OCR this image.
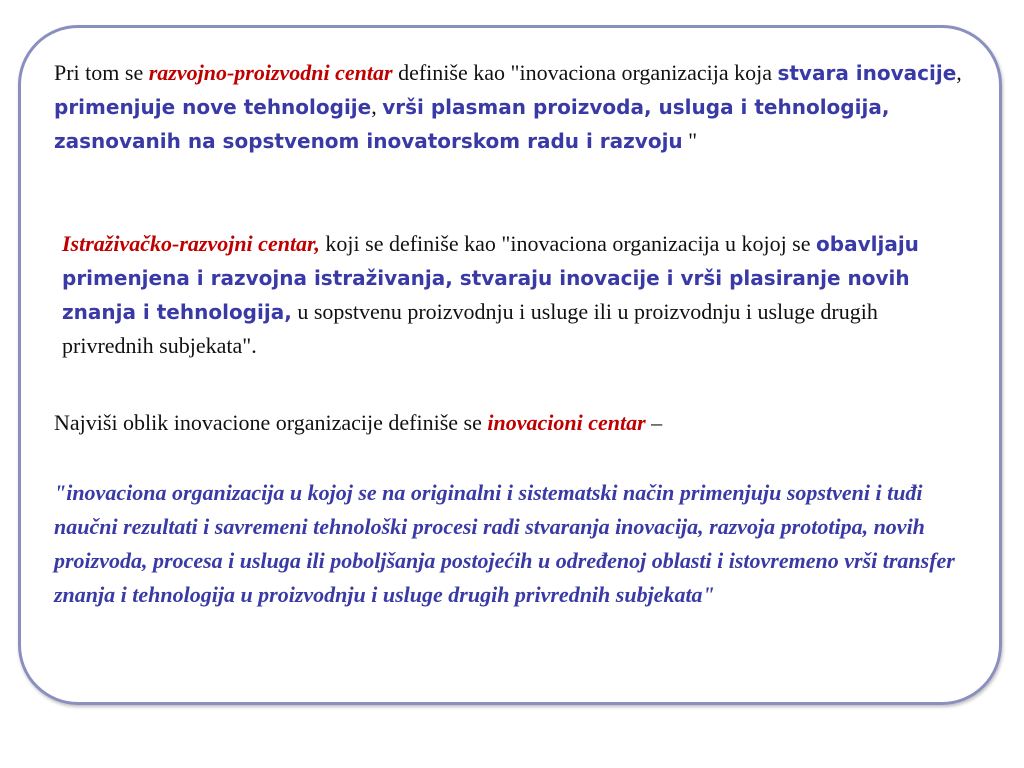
Pri tom se razvojno-proizvodni centar definiše kao "inovaciona organizacija koja stvara inovacije, primenjuje nove tehnologije, vrši plasman proizvoda, usluga i tehnologija, zasnovanih na sopstvenom inovatorskom radu i razvoju "

Istraživačko-razvojni centar, koji se definiše kao "inovaciona organizacija u kojoj se obavljaju primenjena i razvojna istraživanja, stvaraju inovacije i vrši plasiranje novih znanja i tehnologija, u sopstvenu proizvodnju i usluge ili u proizvodnju i usluge drugih privrednih subjekata".

Najviši oblik inovacione organizacije definiše se inovacioni centar –

"inovaciona organizacija u kojoj se na originalni i sistematski način primenjuju sopstveni i tuđi naučni rezultati i savremeni tehnološki procesi radi stvaranja inovacija, razvoja prototipa, novih proizvoda, procesa i usluga ili poboljšanja postojećih u određenoj oblasti i istovremeno vrši transfer znanja i tehnologija u proizvodnju i usluge drugih privrednih subjekata"
